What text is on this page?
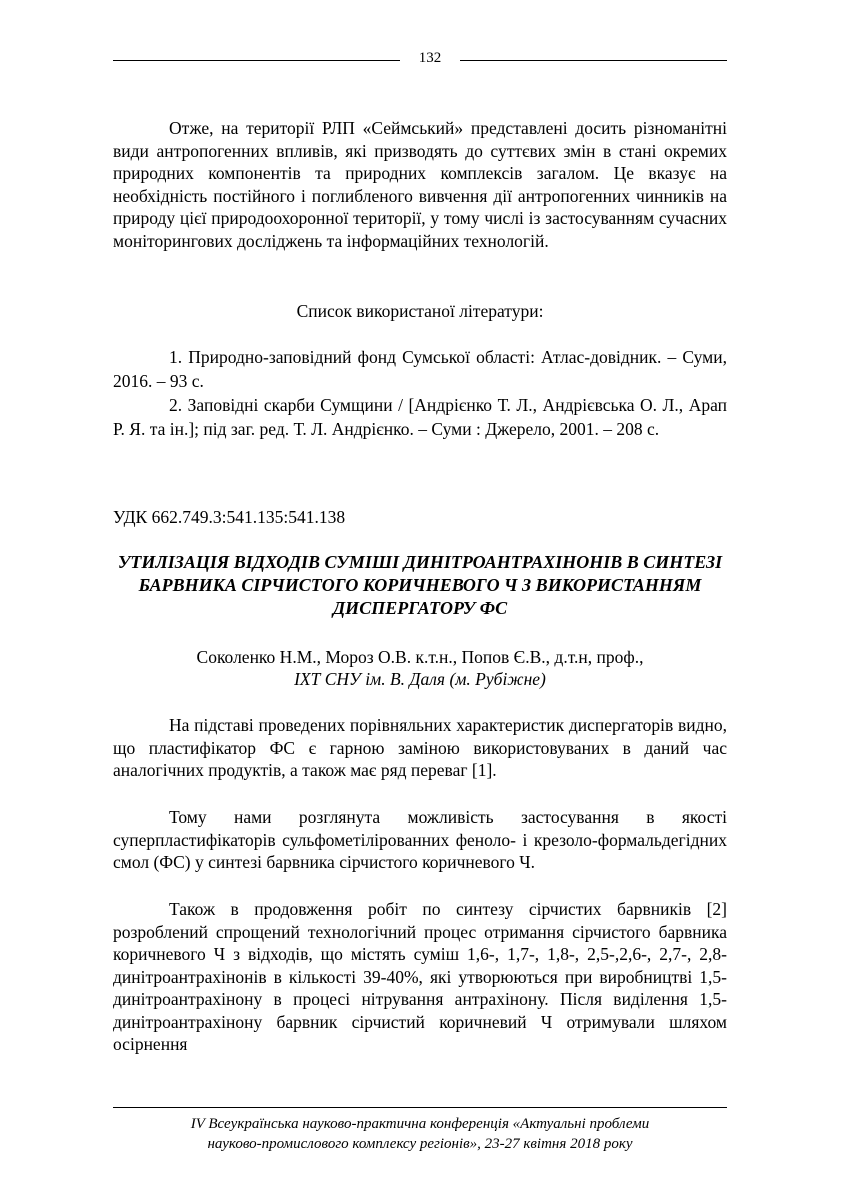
132
Отже, на території РЛП «Сеймський» представлені досить різноманітні види антропогенних впливів, які призводять до суттєвих змін в стані окремих природних компонентів та природних комплексів загалом. Це вказує на необхідність постійного і поглибленого вивчення дії антропогенних чинників на природу цієї природоохоронної території, у тому числі із застосуванням сучасних моніторингових досліджень та інформаційних технологій.
Список використаної літератури:
1. Природно-заповідний фонд Сумської області: Атлас-довідник. – Суми, 2016. – 93 с.
2. Заповідні скарби Сумщини / [Андрієнко Т. Л., Андрієвська О. Л., Арап Р. Я. та ін.]; під заг. ред. Т. Л. Андрієнко. – Суми : Джерело, 2001. – 208 с.
УДК 662.749.3:541.135:541.138
УТИЛІЗАЦІЯ ВІДХОДІВ СУМІШІ ДИНІТРОАНТРАХІНОНІВ В СИНТЕЗІ БАРВНИКА СІРЧИСТОГО КОРИЧНЕВОГО Ч З ВИКОРИСТАННЯМ ДИСПЕРГАТОРУ ФС
Соколенко Н.М., Мороз О.В. к.т.н., Попов Є.В., д.т.н, проф.,
ІХТ СНУ ім. В. Даля (м. Рубіжне)
На підставі проведених порівняльних характеристик диспергаторів видно, що пластифікатор ФС є гарною заміною використовуваних в даний час аналогічних продуктів, а також має ряд переваг [1].
Тому нами розглянута можливість застосування в якості суперпластифікаторів сульфометілірованних феноло- і крезоло-формальдегідних смол (ФС) у синтезі барвника сірчистого коричневого Ч.
Також в продовження робіт по синтезу сірчистих барвників [2] розроблений спрощений технологічний процес отримання сірчистого барвника коричневого Ч з відходів, що містять суміш 1,6-, 1,7-, 1,8-, 2,5-,2,6-, 2,7-, 2,8-динітроантрахінонів в кількості 39-40%, які утворюються при виробництві 1,5-динітроантрахінону в процесі нітрування антрахінону. Після виділення 1,5-динітроантрахінону барвник сірчистий коричневий Ч отримували шляхом осірнення
IV Всеукраїнська науково-практична конференція «Актуальні проблеми
науково-промислового комплексу регіонів», 23-27 квітня 2018 року
